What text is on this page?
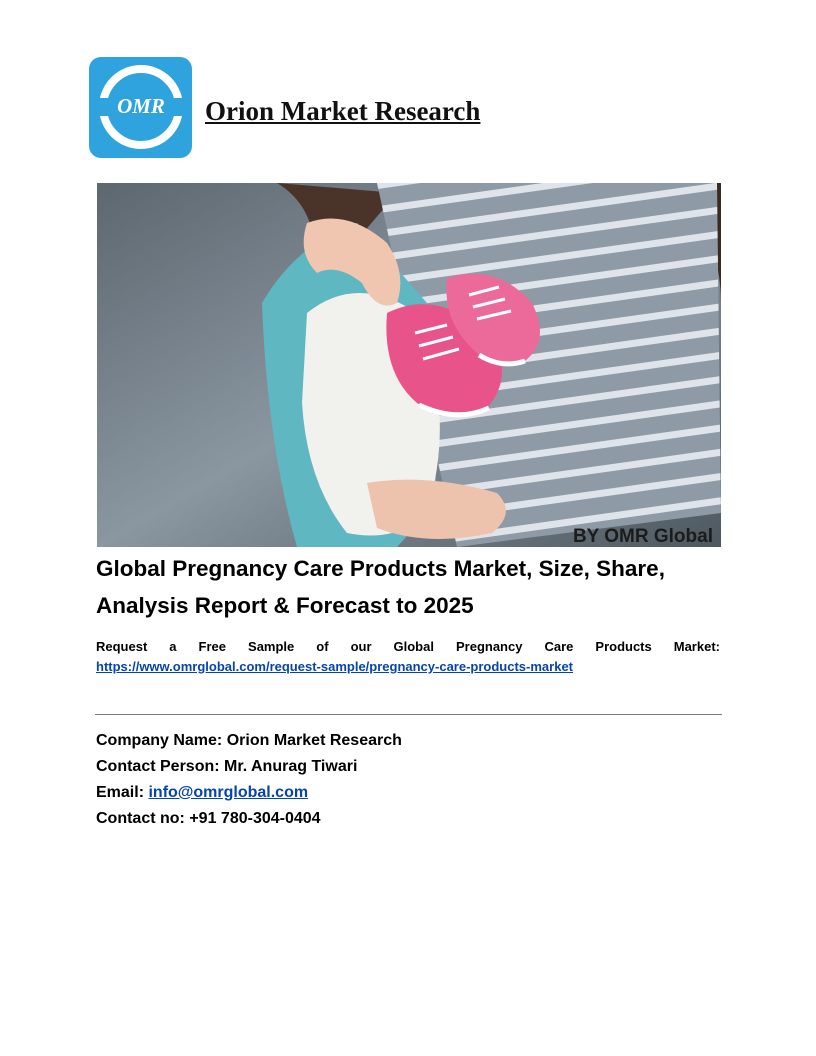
OMR Orion Market Research
BY OMR Global
Global Pregnancy Care Products Market, Size, Share, Analysis Report & Forecast to 2025
Request a Free Sample of our Global Pregnancy Care Products Market:
https://www.omrglobal.com/request-sample/pregnancy-care-products-market
Company Name: Orion Market Research
Contact Person: Mr. Anurag Tiwari
Email: info@omrglobal.com
Contact no: +91 780-304-0404
